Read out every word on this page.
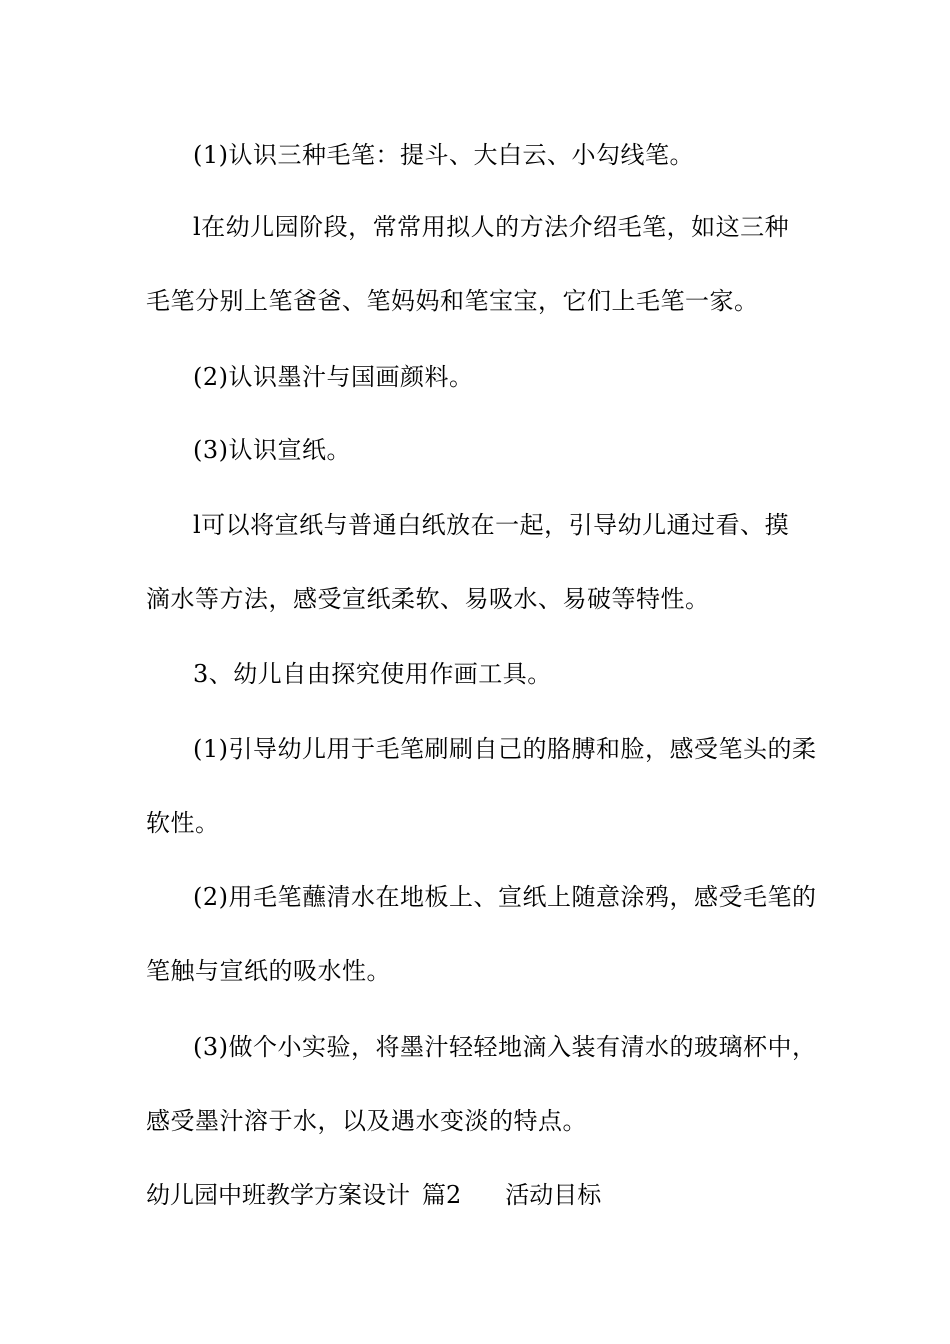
(1)认识三种毛笔：提斗、大白云、小勾线笔。
l在幼儿园阶段，常常用拟人的方法介绍毛笔，如这三种
毛笔分别上笔爸爸、笔妈妈和笔宝宝，它们上毛笔一家。
(2)认识墨汁与国画颜料。
(3)认识宣纸。
l可以将宣纸与普通白纸放在一起，引导幼儿通过看、摸
滴水等方法，感受宣纸柔软、易吸水、易破等特性。
3、幼儿自由探究使用作画工具。
(1)引导幼儿用于毛笔刷刷自己的胳膊和脸，感受笔头的柔
软性。
(2)用毛笔蘸清水在地板上、宣纸上随意涂鸦，感受毛笔的
笔触与宣纸的吸水性。
(3)做个小实验，将墨汁轻轻地滴入装有清水的玻璃杯中，
感受墨汁溶于水，以及遇水变淡的特点。
幼儿园中班教学方案设计 篇2 活动目标
